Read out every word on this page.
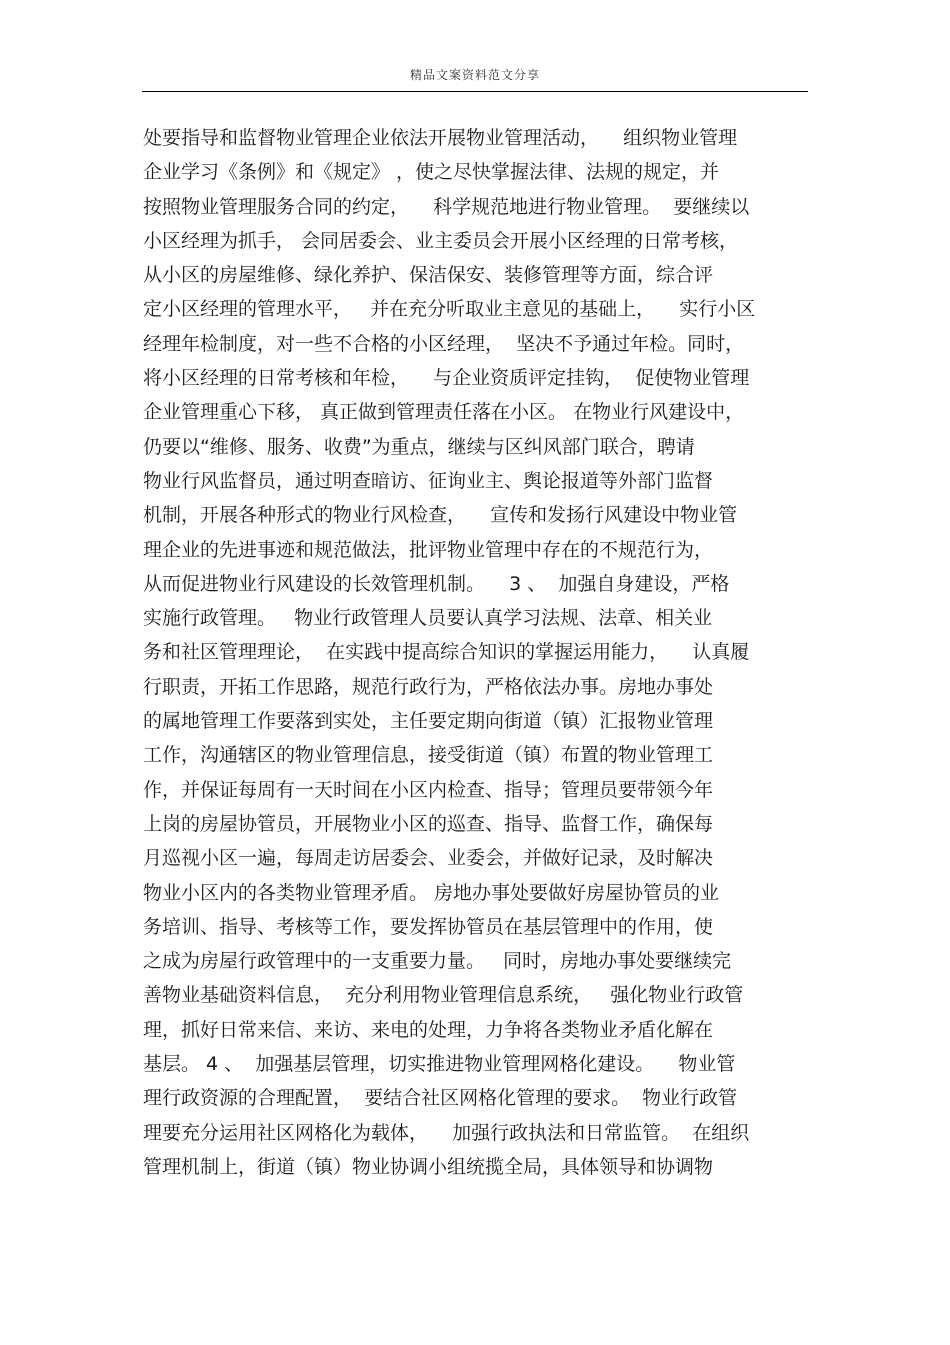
精品文案资料范文分享
处要指导和监督物业管理企业依法开展物业管理活动，    组织物业管理
企业学习《条例》和《规定》 ，使之尽快掌握法律、法规的规定，并
按照物业管理服务合同的约定，    科学规范地进行物业管理。  要继续以
小区经理为抓手， 会同居委会、业主委员会开展小区经理的日常考核，
从小区的房屋维修、绿化养护、保洁保安、装修管理等方面，综合评
定小区经理的管理水平，   并在充分听取业主意见的基础上，    实行小区
经理年检制度，对一些不合格的小区经理，  坚决不予通过年检。同时，
将小区经理的日常考核和年检，    与企业资质评定挂钩，  促使物业管理
企业管理重心下移， 真正做到管理责任落在小区。 在物业行风建设中，
仍要以“维修、服务、收费”为重点，继续与区纠风部门联合，聘请
物业行风监督员，通过明查暗访、征询业主、舆论报道等外部门监督
机制，开展各种形式的物业行风检查，    宣传和发扬行风建设中物业管
理企业的先进事迹和规范做法，批评物业管理中存在的不规范行为，
从而促进物业行风建设的长效管理机制。    3 、  加强自身建设，严格
实施行政管理。   物业行政管理人员要认真学习法规、法章、相关业
务和社区管理理论，  在实践中提高综合知识的掌握运用能力，    认真履
行职责，开拓工作思路，规范行政行为，严格依法办事。房地办事处
的属地管理工作要落到实处，主任要定期向街道（镇）汇报物业管理
工作，沟通辖区的物业管理信息，接受街道（镇）布置的物业管理工
作，并保证每周有一天时间在小区内检查、指导；管理员要带领今年
上岗的房屋协管员，开展物业小区的巡查、指导、监督工作，确保每
月巡视小区一遍，每周走访居委会、业委会，并做好记录，及时解决
物业小区内的各类物业管理矛盾。 房地办事处要做好房屋协管员的业
务培训、指导、考核等工作，要发挥协管员在基层管理中的作用，使
之成为房屋行政管理中的一支重要力量。   同时，房地办事处要继续完
善物业基础资料信息，  充分利用物业管理信息系统，   强化物业行政管
理，抓好日常来信、来访、来电的处理，力争将各类物业矛盾化解在
基层。 4 、  加强基层管理，切实推进物业管理网格化建设。    物业管
理行政资源的合理配置，  要结合社区网格化管理的要求。  物业行政管
理要充分运用社区网格化为载体，    加强行政执法和日常监管。  在组织
管理机制上，街道（镇）物业协调小组统揽全局，具体领导和协调物
